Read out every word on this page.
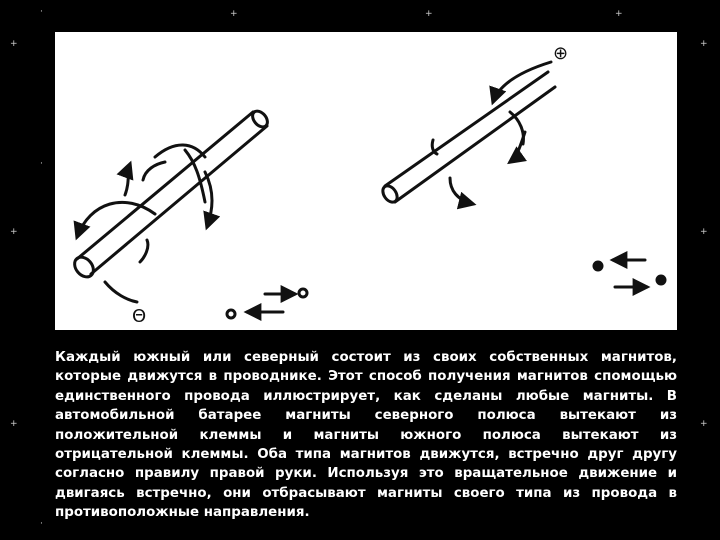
·
+
+	+	+
+
+
·
+
+	+
·
Θ
⊕

Каждый южный или северный состоит из своих собственных магнитов, которые движутся в проводнике. Этот способ получения магнитов спомощью единственного провода иллюстрирует, как сделаны любые магниты. В автомобильной батарее магниты северного полюса вытекают из положительной клеммы и магниты южного полюса вытекают из отрицательной клеммы. Оба типа магнитов движутся, встречно друг другу согласно правилу правой руки. Используя это вращательное движение и двигаясь встречно, они отбрасывают магниты своего типа из провода в противоположные направления.
